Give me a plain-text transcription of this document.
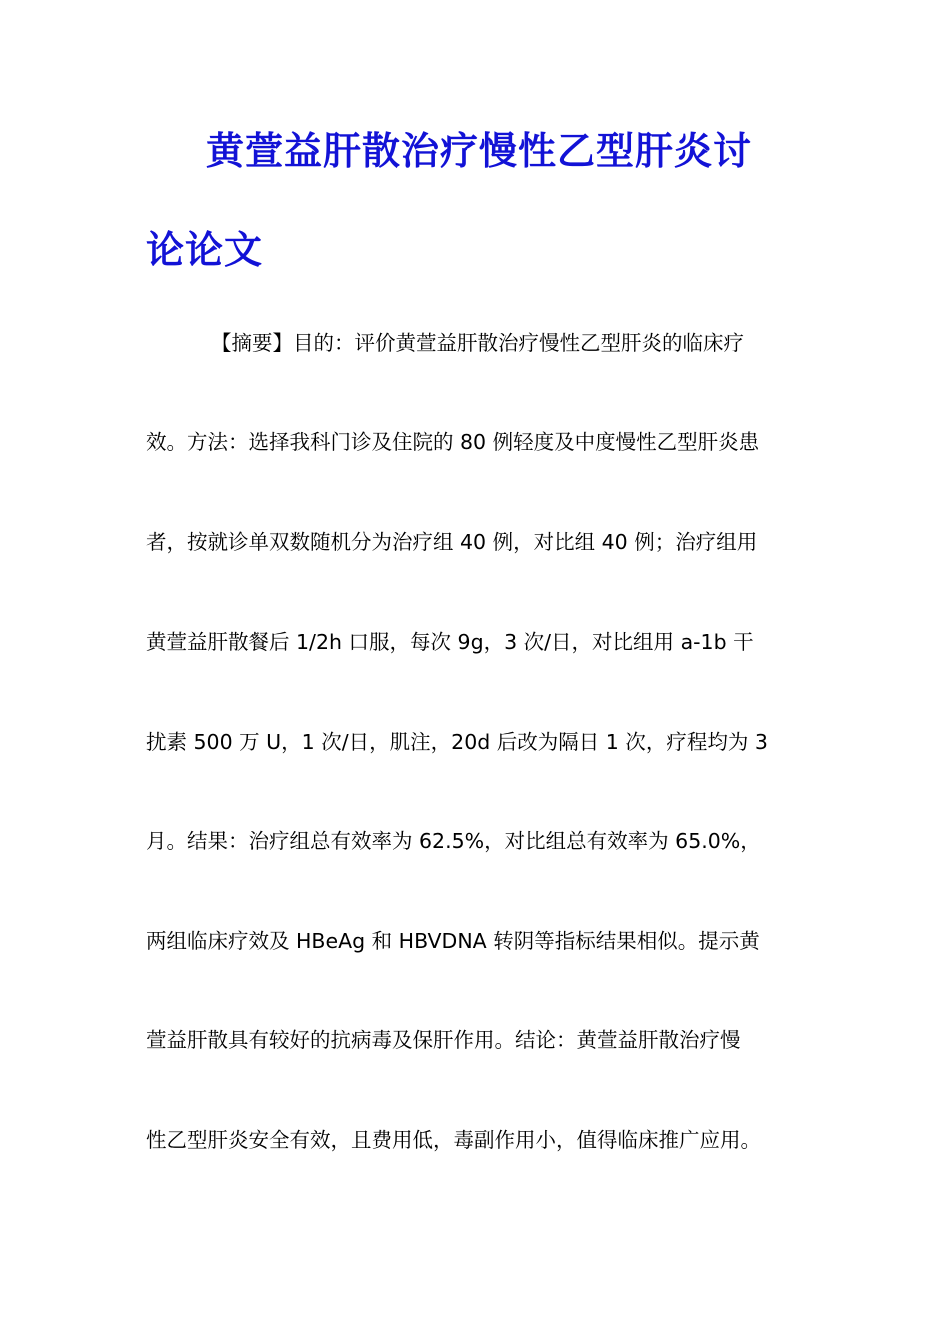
黄萱益肝散治疗慢性乙型肝炎讨
论论文
【摘要】目的：评价黄萱益肝散治疗慢性乙型肝炎的临床疗
效。方法：选择我科门诊及住院的 80 例轻度及中度慢性乙型肝炎患
者，按就诊单双数随机分为治疗组 40 例，对比组 40 例；治疗组用
黄萱益肝散餐后 1/2h 口服，每次 9g，3 次/日，对比组用 a-1b 干
扰素 500 万 U，1 次/日，肌注，20d 后改为隔日 1 次，疗程均为 3
月。结果：治疗组总有效率为 62.5%，对比组总有效率为 65.0%，
两组临床疗效及 HBeAg 和 HBVDNA 转阴等指标结果相似。提示黄
萱益肝散具有较好的抗病毒及保肝作用。结论：黄萱益肝散治疗慢
性乙型肝炎安全有效，且费用低，毒副作用小，值得临床推广应用。
